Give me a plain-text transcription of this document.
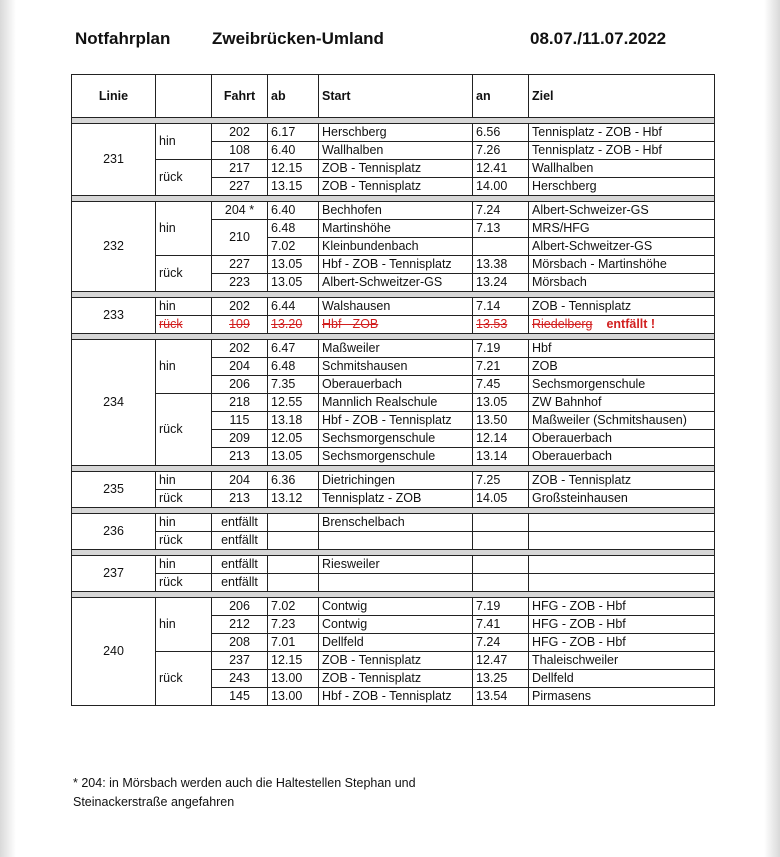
Notfahrplan Zweibrücken-Umland	08.07./11.07.2022
Linie		Fahrt	ab	Start	an	Ziel

231	hin	202	6.17	Herschberg	6.56	Tennisplatz - ZOB - Hbf
		108	6.40	Wallhalben	7.26	Tennisplatz - ZOB - Hbf
	rück	217	12.15	ZOB - Tennisplatz	12.41	Wallhalben
		227	13.15	ZOB - Tennisplatz	14.00	Herschberg

232	hin	204 *	6.40	Bechhofen	7.24	Albert-Schweizer-GS
		210	6.48	Martinshöhe	7.13	MRS/HFG
			7.02	Kleinbundenbach		Albert-Schweitzer-GS
	rück	227	13.05	Hbf - ZOB - Tennisplatz	13.38	Mörsbach - Martinshöhe
		223	13.05	Albert-Schweitzer-GS	13.24	Mörsbach

233	hin	202	6.44	Walshausen	7.14	ZOB - Tennisplatz
	rück	109	13.20	Hbf - ZOB	13.53	Riedelberg entfällt !

234	hin	202	6.47	Maßweiler	7.19	Hbf
		204	6.48	Schmitshausen	7.21	ZOB
		206	7.35	Oberauerbach	7.45	Sechsmorgenschule
	rück	218	12.55	Mannlich Realschule	13.05	ZW Bahnhof
		115	13.18	Hbf - ZOB - Tennisplatz	13.50	Maßweiler (Schmitshausen)
		209	12.05	Sechsmorgenschule	12.14	Oberauerbach
		213	13.05	Sechsmorgenschule	13.14	Oberauerbach

235	hin	204	6.36	Dietrichingen	7.25	ZOB - Tennisplatz
	rück	213	13.12	Tennisplatz - ZOB	14.05	Großsteinhausen

236	hin	entfällt		Brenschelbach		
	rück	entfällt				

237	hin	entfällt		Riesweiler		
	rück	entfällt				

240	hin	206	7.02	Contwig	7.19	HFG - ZOB - Hbf
		212	7.23	Contwig	7.41	HFG - ZOB - Hbf
		208	7.01	Dellfeld	7.24	HFG - ZOB - Hbf
	rück	237	12.15	ZOB - Tennisplatz	12.47	Thaleischweiler
		243	13.00	ZOB - Tennisplatz	13.25	Dellfeld
		145	13.00	Hbf - ZOB - Tennisplatz	13.54	Pirmasens
* 204: in Mörsbach werden auch die Haltestellen Stephan und
Steinackerstraße angefahren
